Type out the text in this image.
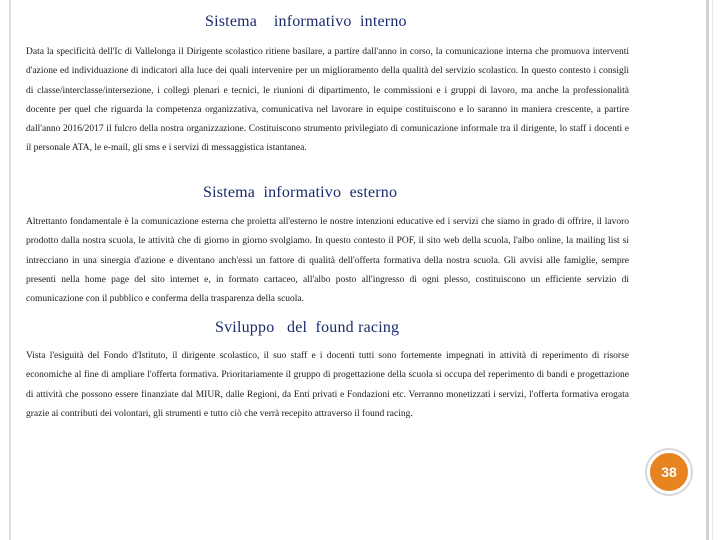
Sistema    informativo  interno

Data la specificità dell'Ic di Vallelonga il Dirigente scolastico ritiene basilare, a partire dall'anno in corso, la comunicazione interna che promuova interventi d'azione ed individuazione di indicatori alla luce dei quali intervenire per un miglioramento della qualità del servizio scolastico. In questo contesto i consigli di classe/interclasse/intersezione, i collegi plenari e tecnici, le riunioni di dipartimento, le commissioni e i gruppi di lavoro, ma anche la professionalità docente per quel che riguarda la competenza organizzativa, comunicativa nel lavorare in equipe costituiscono e lo saranno in maniera crescente, a partire dall'anno 2016/2017 il fulcro della nostra organizzazione. Costituiscono strumento privilegiato di comunicazione informale tra il dirigente, lo staff i docenti e il personale ATA, le e-mail, gli sms e i servizi di messaggistica istantanea.

Sistema  informativo  esterno

Altrettanto fondamentale è la comunicazione esterna che proietta all'esterno le nostre intenzioni educative ed i servizi che siamo in grado di offrire, il lavoro prodotto dalla nostra scuola, le attività che di giorno in giorno svolgiamo. In questo contesto il POF, il sito web della scuola, l'albo online, la mailing list si intrecciano in una sinergia d'azione e diventano anch'essi un fattore di qualità dell'offerta formativa della nostra scuola. Gli avvisi alle famiglie, sempre presenti nella home page del sito internet e, in formato cartaceo, all'albo posto all'ingresso di ogni plesso, costituiscono un efficiente servizio di comunicazione con il pubblico e conferma della trasparenza della scuola.

Sviluppo   del  found racing

Vista l'esiguità del Fondo d'Istituto, il dirigente scolastico, il suo staff e i docenti tutti sono fortemente impegnati in attività di reperimento di risorse economiche al fine di ampliare l'offerta formativa. Prioritariamente il gruppo di progettazione della scuola si occupa del reperimento di bandi e progettazione di attività che possono essere finanziate dal MIUR, dalle Regioni, da Enti privati e Fondazioni etc. Verranno monetizzati i servizi, l'offerta formativa erogata grazie ai contributi dei volontari, gli strumenti e tutto ciò che verrà recepito attraverso il found racing.

38
